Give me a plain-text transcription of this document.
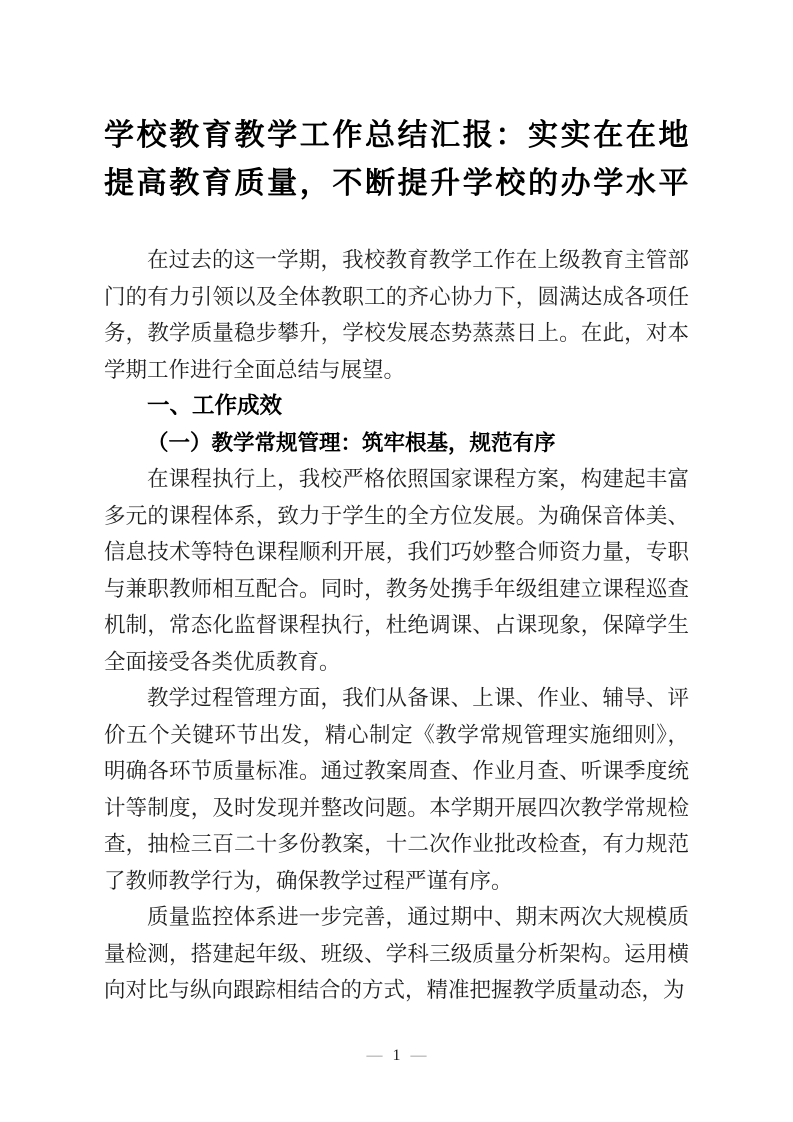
学校教育教学工作总结汇报：实实在在地
提高教育质量，不断提升学校的办学水平

在过去的这一学期，我校教育教学工作在上级教育主管部门的有力引领以及全体教职工的齐心协力下，圆满达成各项任务，教学质量稳步攀升，学校发展态势蒸蒸日上。在此，对本学期工作进行全面总结与展望。

一、工作成效
（一）教学常规管理：筑牢根基，规范有序

在课程执行上，我校严格依照国家课程方案，构建起丰富多元的课程体系，致力于学生的全方位发展。为确保音体美、信息技术等特色课程顺利开展，我们巧妙整合师资力量，专职与兼职教师相互配合。同时，教务处携手年级组建立课程巡查机制，常态化监督课程执行，杜绝调课、占课现象，保障学生全面接受各类优质教育。

教学过程管理方面，我们从备课、上课、作业、辅导、评价五个关键环节出发，精心制定《教学常规管理实施细则》，明确各环节质量标准。通过教案周查、作业月查、听课季度统计等制度，及时发现并整改问题。本学期开展四次教学常规检查，抽检三百二十多份教案，十二次作业批改检查，有力规范了教师教学行为，确保教学过程严谨有序。

质量监控体系进一步完善，通过期中、期末两次大规模质量检测，搭建起年级、班级、学科三级质量分析架构。运用横向对比与纵向跟踪相结合的方式，精准把握教学质量动态，为

— 1 —
